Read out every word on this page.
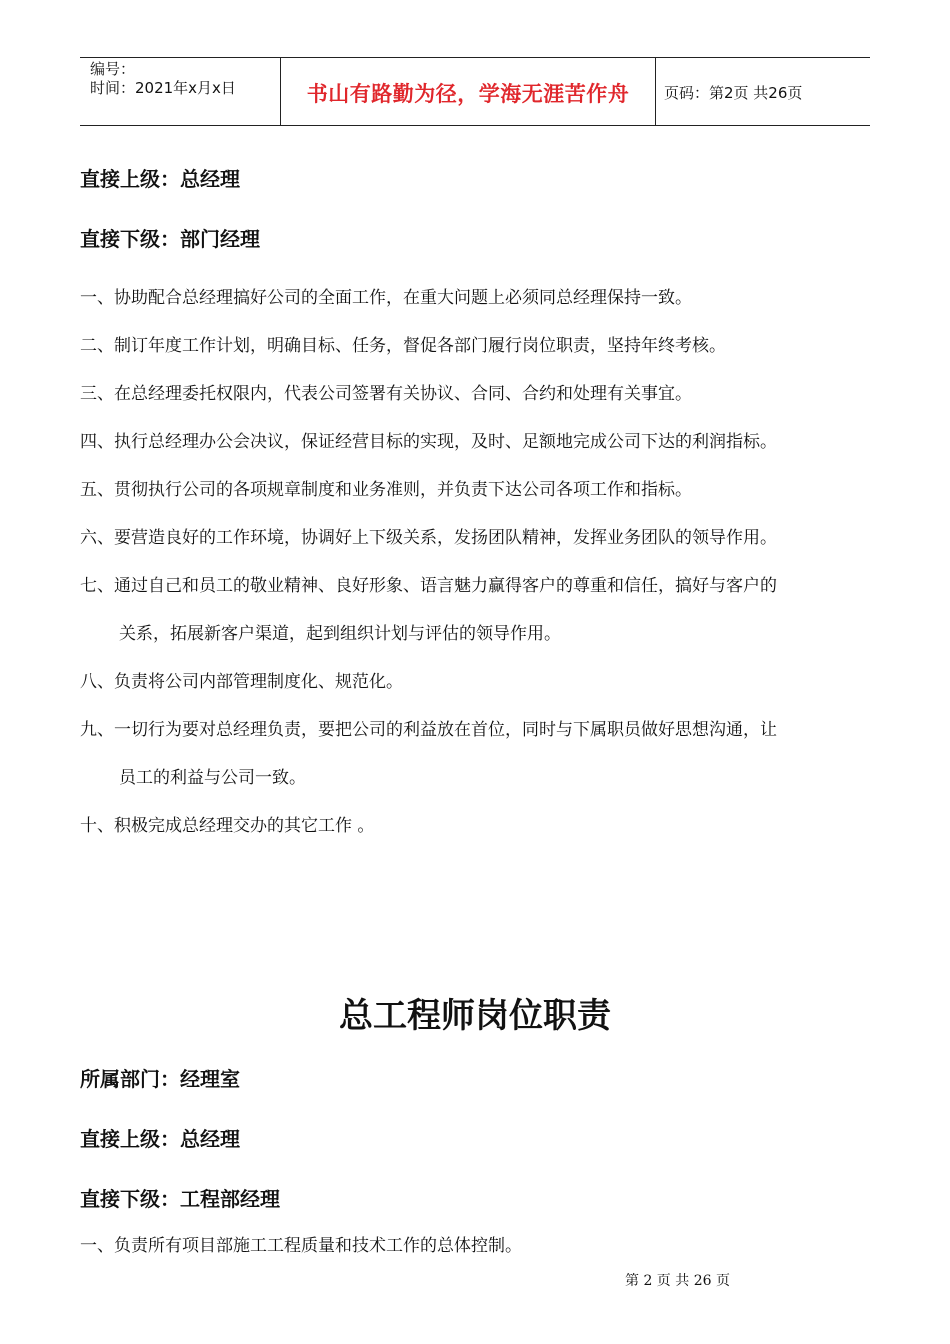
编号：
时间：2021年x月x日	书山有路勤为径，学海无涯苦作舟	页码：第2页 共26页
直接上级：总经理
直接下级：部门经理
一、协助配合总经理搞好公司的全面工作，在重大问题上必须同总经理保持一致。
二、制订年度工作计划，明确目标、任务，督促各部门履行岗位职责，坚持年终考核。
三、在总经理委托权限内，代表公司签署有关协议、合同、合约和处理有关事宜。
四、执行总经理办公会决议，保证经营目标的实现，及时、足额地完成公司下达的利润指标。
五、贯彻执行公司的各项规章制度和业务准则，并负责下达公司各项工作和指标。
六、要营造良好的工作环境，协调好上下级关系，发扬团队精神，发挥业务团队的领导作用。
七、通过自己和员工的敬业精神、良好形象、语言魅力赢得客户的尊重和信任，搞好与客户的
关系，拓展新客户渠道，起到组织计划与评估的领导作用。
八、负责将公司内部管理制度化、规范化。
九、一切行为要对总经理负责，要把公司的利益放在首位，同时与下属职员做好思想沟通，让
员工的利益与公司一致。
十、积极完成总经理交办的其它工作 。
总工程师岗位职责
所属部门：经理室
直接上级：总经理
直接下级：工程部经理
一、负责所有项目部施工工程质量和技术工作的总体控制。
第 2 页 共 26 页
